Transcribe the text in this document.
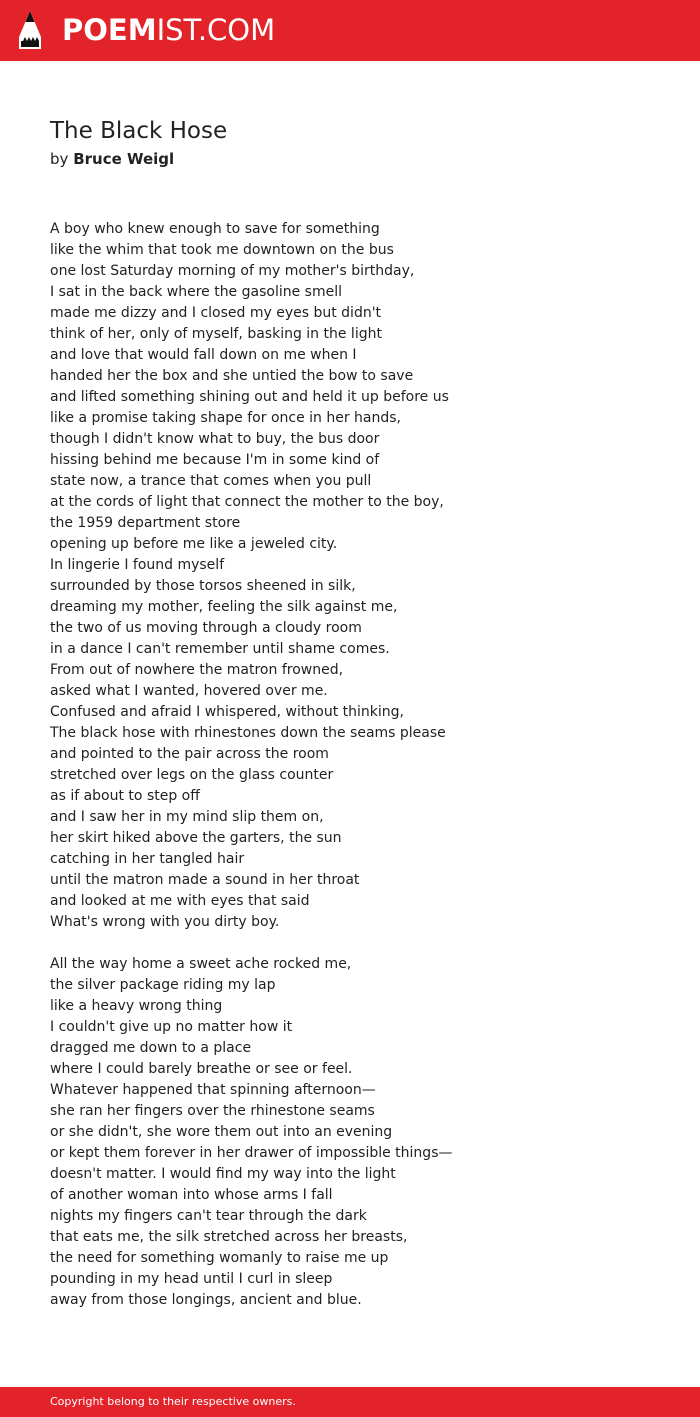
POEMIST.COM
The Black Hose
by Bruce Weigl
A boy who knew enough to save for something
like the whim that took me downtown on the bus
one lost Saturday morning of my mother's birthday,
I sat in the back where the gasoline smell
made me dizzy and I closed my eyes but didn't
think of her, only of myself, basking in the light
and love that would fall down on me when I
handed her the box and she untied the bow to save
and lifted something shining out and held it up before us
like a promise taking shape for once in her hands,
though I didn't know what to buy, the bus door
hissing behind me because I'm in some kind of
state now, a trance that comes when you pull
at the cords of light that connect the mother to the boy,
the 1959 department store
opening up before me like a jeweled city.
In lingerie I found myself
surrounded by those torsos sheened in silk,
dreaming my mother, feeling the silk against me,
the two of us moving through a cloudy room
in a dance I can't remember until shame comes.
From out of nowhere the matron frowned,
asked what I wanted, hovered over me.
Confused and afraid I whispered, without thinking,
The black hose with rhinestones down the seams please
and pointed to the pair across the room
stretched over legs on the glass counter
as if about to step off
and I saw her in my mind slip them on,
her skirt hiked above the garters, the sun
catching in her tangled hair
until the matron made a sound in her throat
and looked at me with eyes that said
What's wrong with you dirty boy.
All the way home a sweet ache rocked me,
the silver package riding my lap
like a heavy wrong thing
I couldn't give up no matter how it
dragged me down to a place
where I could barely breathe or see or feel.
Whatever happened that spinning afternoon—
she ran her fingers over the rhinestone seams
or she didn't, she wore them out into an evening
or kept them forever in her drawer of impossible things—
doesn't matter. I would find my way into the light
of another woman into whose arms I fall
nights my fingers can't tear through the dark
that eats me, the silk stretched across her breasts,
the need for something womanly to raise me up
pounding in my head until I curl in sleep
away from those longings, ancient and blue.
Copyright belong to their respective owners.
